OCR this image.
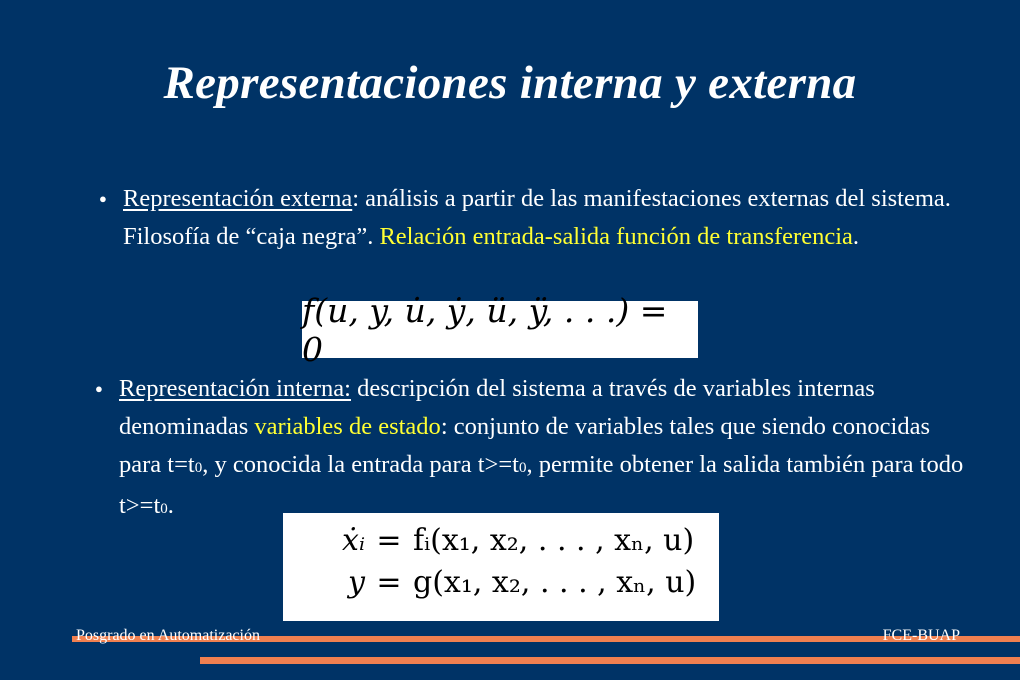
Representaciones interna y externa
● Representación externa: análisis a partir de las manifestaciones externas del sistema. Filosofía de “caja negra”. Relación entrada-salida función de transferencia.
f(u, y, u̇, ẏ, ü, ÿ, . . .) = 0
● Representación interna: descripción del sistema a través de variables internas denominadas variables de estado: conjunto de variables tales que siendo conocidas para t=t0, y conocida la entrada para t>=t0, permite obtener la salida también para todo t>=t0.
ẋᵢ = fᵢ(x₁, x₂, . . . , xₙ, u)
y = g(x₁, x₂, . . . , xₙ, u)
Posgrado en Automatización	FCE-BUAP
